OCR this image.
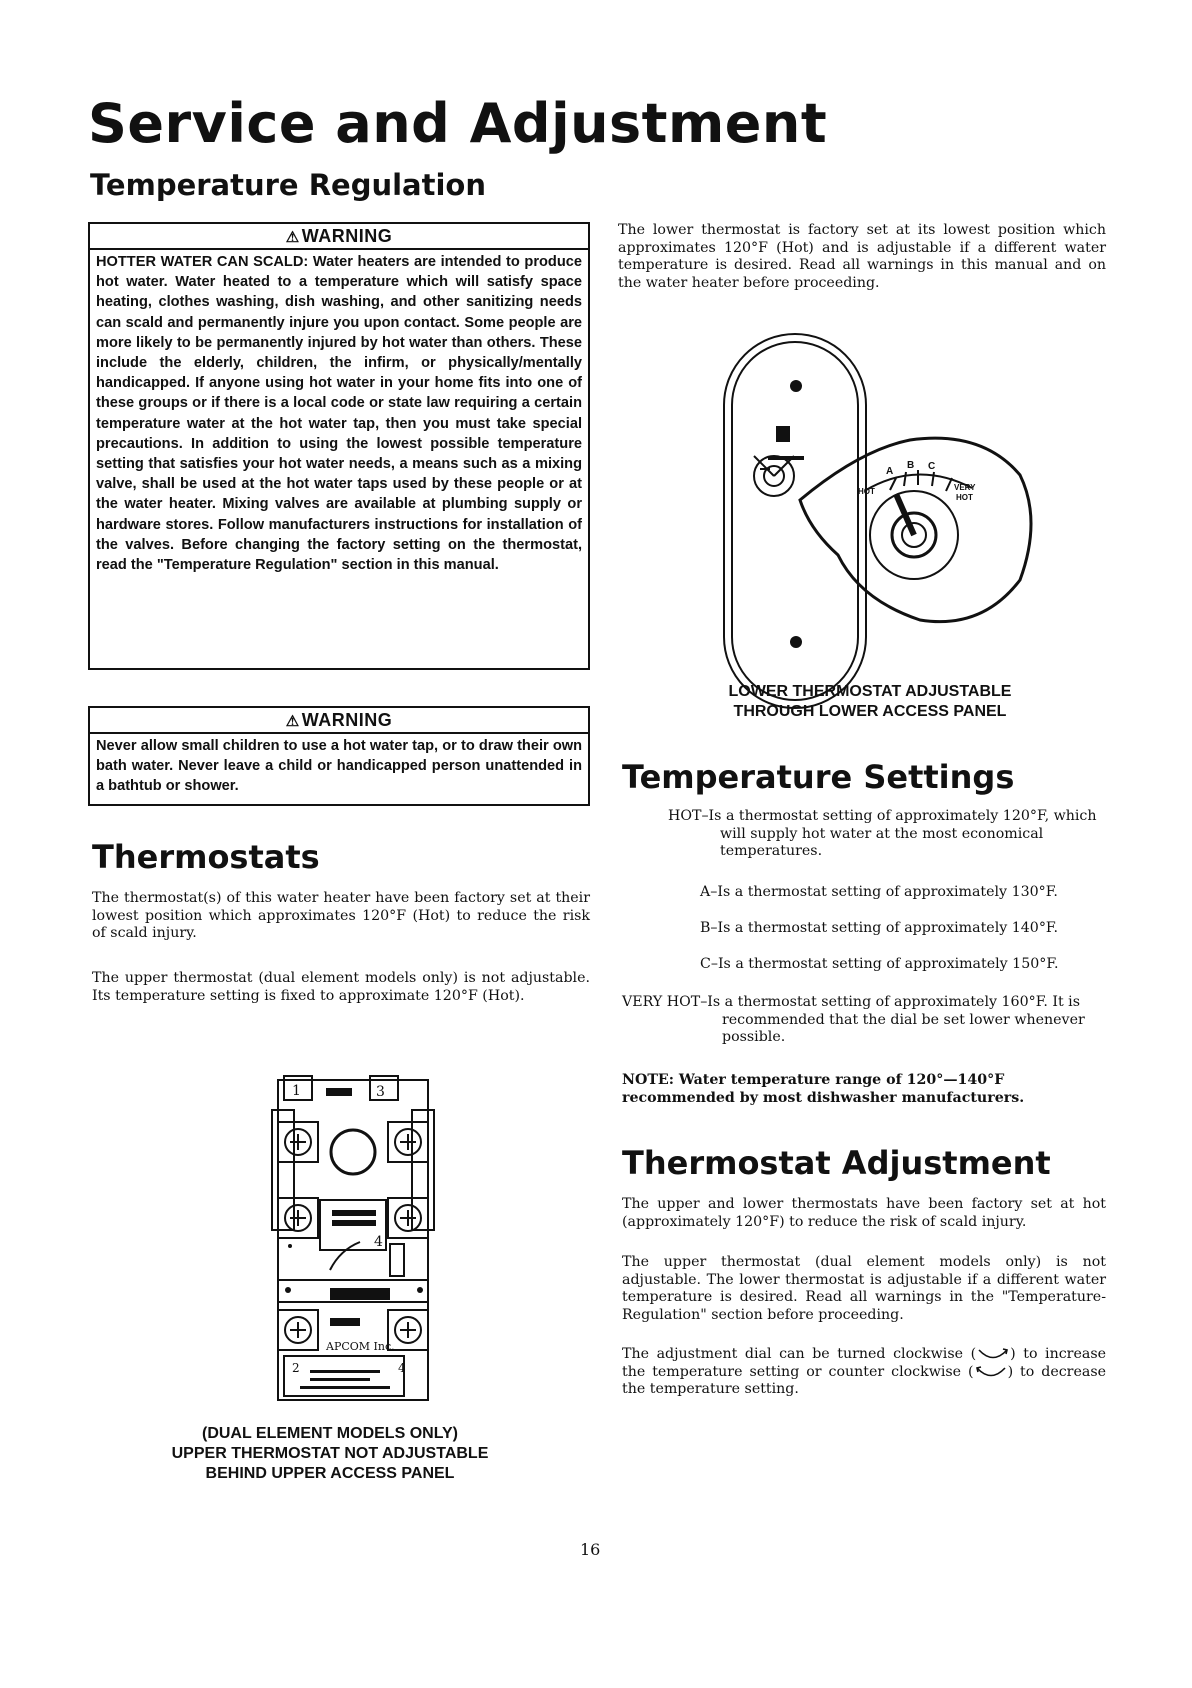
Service and Adjustment
Temperature Regulation
⚠ WARNING
HOTTER WATER CAN SCALD: Water heaters are intended to produce hot water. Water heated to a temperature which will satisfy space heating, clothes washing, dish washing, and other sanitizing needs can scald and permanently injure you upon contact. Some people are more likely to be permanently injured by hot water than others. These include the elderly, children, the infirm, or physically/mentally handicapped. If anyone using hot water in your home fits into one of these groups or if there is a local code or state law requiring a certain temperature water at the hot water tap, then you must take special precautions. In addition to using the lowest possible temperature setting that satisfies your hot water needs, a means such as a mixing valve, shall be used at the hot water taps used by these people or at the water heater. Mixing valves are available at plumbing supply or hardware stores. Follow manufacturers instructions for installation of the valves. Before changing the factory setting on the thermostat, read the "Temperature Regulation" section in this manual.
⚠ WARNING
Never allow small children to use a hot water tap, or to draw their own bath water. Never leave a child or handicapped person unattended in a bathtub or shower.
Thermostats
The thermostat(s) of this water heater have been factory set at their lowest position which approximates 120°F (Hot) to reduce the risk of scald injury.
The upper thermostat (dual element models only) is not adjustable. Its temperature setting is fixed to approximate 120°F (Hot).
1	3
4
2	4
APCOM Inc.
(DUAL ELEMENT MODELS ONLY)
UPPER THERMOSTAT NOT ADJUSTABLE
BEHIND UPPER ACCESS PANEL
The lower thermostat is factory set at its lowest position which approximates 120°F (Hot) and is adjustable if a different water temperature is desired. Read all warnings in this manual and on the water heater before proceeding.
A
B C
HOT	VERY
HOT
LOWER THERMOSTAT ADJUSTABLE
THROUGH LOWER ACCESS PANEL
Temperature Settings
HOT–Is a thermostat setting of approximately 120°F, which will supply hot water at the most economical temperatures.
A–Is a thermostat setting of approximately 130°F.
B–Is a thermostat setting of approximately 140°F.
C–Is a thermostat setting of approximately 150°F.
VERY HOT–Is a thermostat setting of approximately 160°F. It is recommended that the dial be set lower whenever possible.
NOTE: Water temperature range of 120°—140°F recommended by most dishwasher manufacturers.
Thermostat Adjustment
The upper and lower thermostats have been factory set at hot (approximately 120°F) to reduce the risk of scald injury.
The upper thermostat (dual element models only) is not adjustable. The lower thermostat is adjustable if a different water temperature is desired. Read all warnings in the "Temperature-Regulation" section before proceeding.
The adjustment dial can be turned clockwise ( ) to increase the temperature setting or counter clockwise ( ) to decrease the temperature setting.
16
